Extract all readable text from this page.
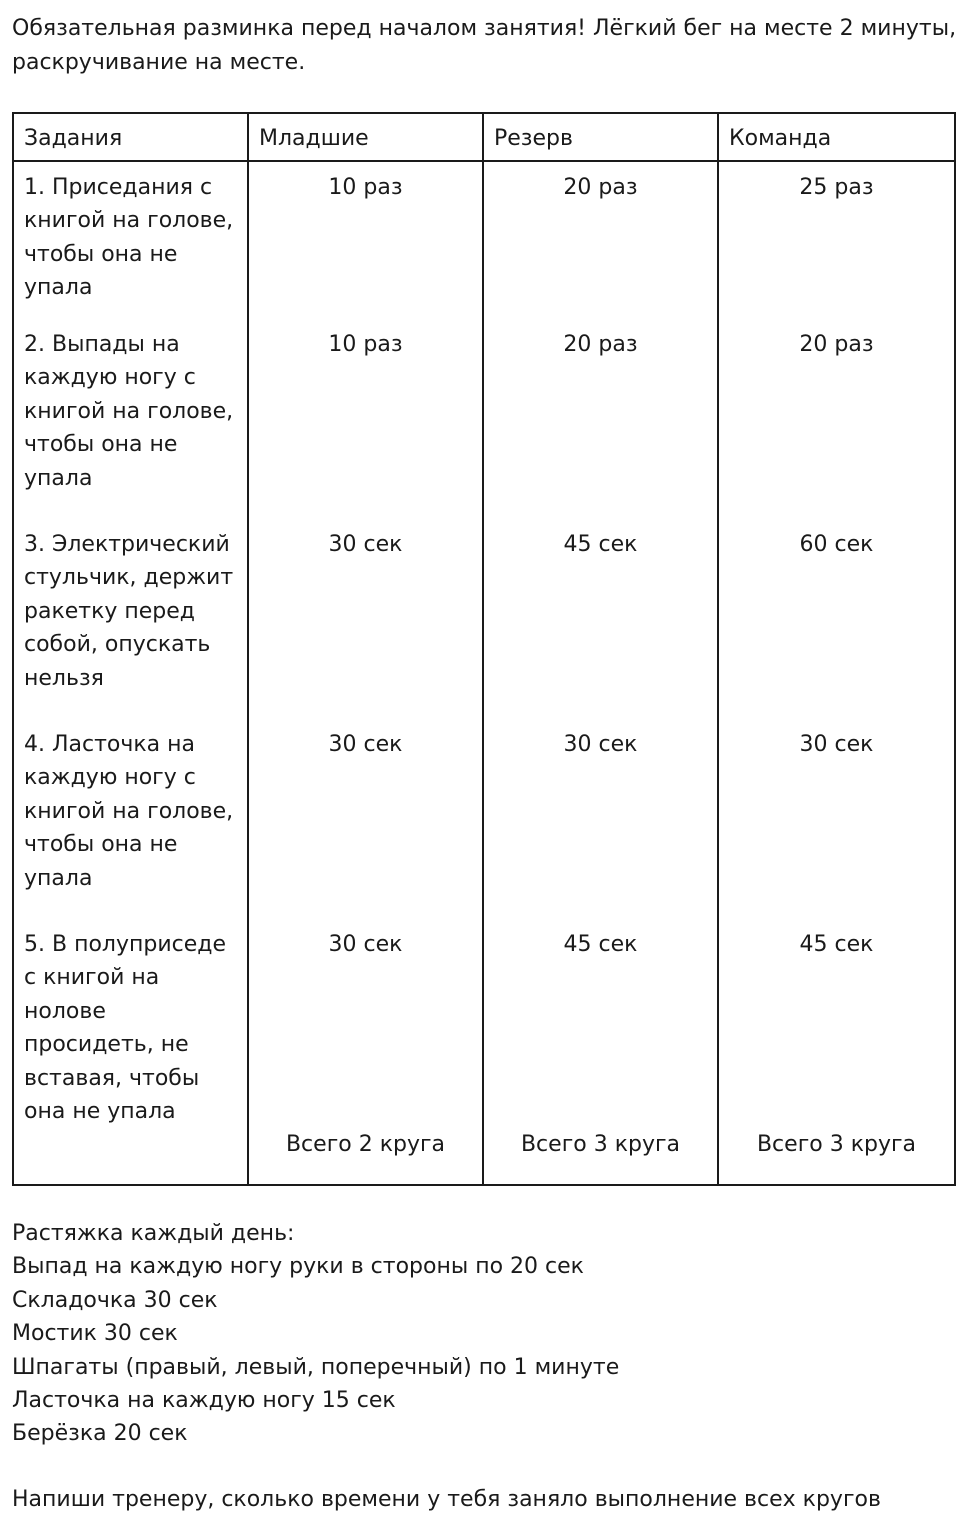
Обязательная разминка перед началом занятия! Лёгкий бег на месте 2 минуты, раскручивание на месте.

Задания	Младшие	Резерв	Команда
1. Приседания с книгой на голове, чтобы она не упала	10 раз	20 раз	25 раз
2. Выпады на каждую ногу с книгой на голове, чтобы она не упала	10 раз	20 раз	20 раз
3. Электрический стульчик, держит ракетку перед собой, опускать нельзя	30 сек	45 сек	60 сек
4. Ласточка на каждую ногу с книгой на голове, чтобы она не упала	30 сек	30 сек	30 сек
5. В полуприседе с книгой на нолове просидеть, не вставая, чтобы она не упала	30 сек	45 сек	45 сек
	Всего 2 круга	Всего 3 круга	Всего 3 круга
Растяжка каждый день:
Выпад на каждую ногу руки в стороны по 20 сек
Складочка 30 сек
Мостик 30 сек
Шпагаты (правый, левый, поперечный) по 1 минуте
Ласточка на каждую ногу 15 сек
Берёзка 20 сек

Напиши тренеру, сколько времени у тебя заняло выполнение всех кругов
